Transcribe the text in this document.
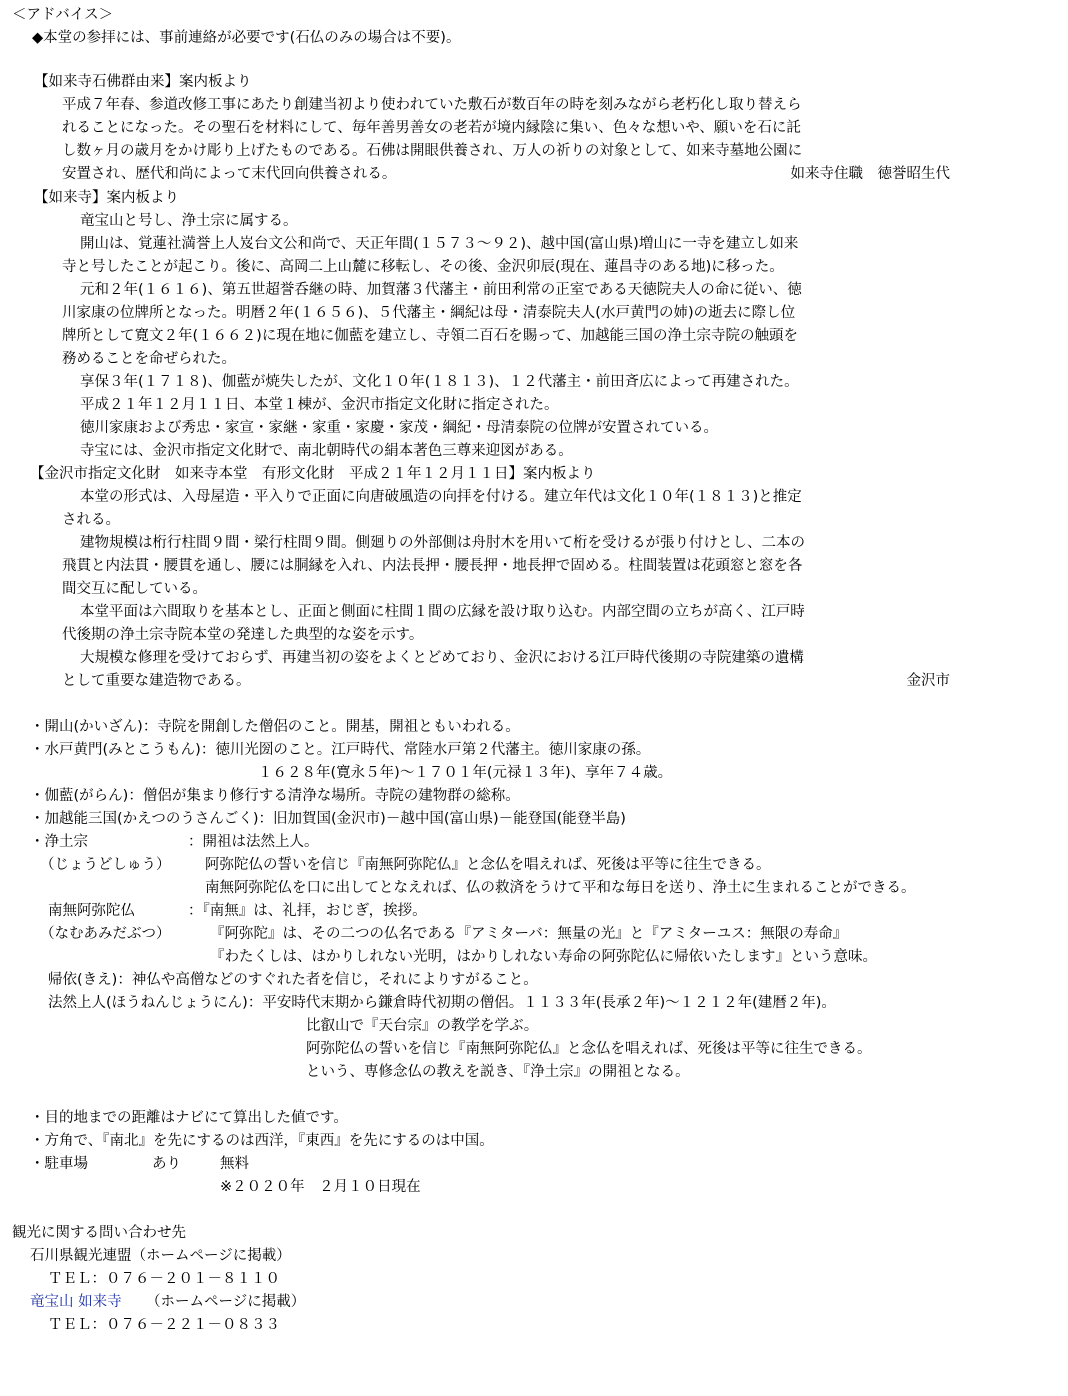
＜アドバイス＞

◆本堂の参拝には、事前連絡が必要です(石仏のみの場合は不要)。

【如来寺石佛群由来】案内板より

平成７年春、参道改修工事にあたり創建当初より使われていた敷石が数百年の時を刻みながら老朽化し取り替えら

れることになった。その聖石を材料にして、毎年善男善女の老若が境内縁陰に集い、色々な想いや、願いを石に託

し数ヶ月の歳月をかけ彫り上げたものである。石佛は開眼供養され、万人の祈りの対象として、如来寺墓地公園に

安置され、歴代和尚によって末代回向供養される。	如来寺住職　徳誉昭生代

【如来寺】案内板より

竜宝山と号し、浄土宗に属する。

開山は、覚蓮社満誉上人岌台文公和尚で、天正年間(１５７３～９２)、越中国(富山県)増山に一寺を建立し如来

寺と号したことが起こり。後に、高岡二上山麓に移転し、その後、金沢卯辰(現在、蓮昌寺のある地)に移った。

元和２年(１６１６)、第五世超誉呑継の時、加賀藩３代藩主・前田利常の正室である天徳院夫人の命に従い、徳

川家康の位牌所となった。明暦２年(１６５６)、５代藩主・綱紀は母・清泰院夫人(水戸黄門の姉)の逝去に際し位

牌所として寛文２年(１６６２)に現在地に伽藍を建立し、寺領二百石を賜って、加越能三国の浄土宗寺院の触頭を

務めることを命ぜられた。

享保３年(１７１８)、伽藍が焼失したが、文化１０年(１８１３)、１２代藩主・前田斉広によって再建された。

平成２１年１２月１１日、本堂１棟が、金沢市指定文化財に指定された。

徳川家康および秀忠・家宣・家継・家重・家慶・家茂・綱紀・母清泰院の位牌が安置されている。

寺宝には、金沢市指定文化財で、南北朝時代の絹本著色三尊来迎図がある。

【金沢市指定文化財　如来寺本堂　有形文化財　平成２１年１２月１１日】案内板より

本堂の形式は、入母屋造・平入りで正面に向唐破風造の向拝を付ける。建立年代は文化１０年(１８１３)と推定

される。

建物規模は桁行柱間９間・梁行柱間９間。側廻りの外部側は舟肘木を用いて桁を受けるが張り付けとし、二本の

飛貫と内法貫・腰貫を通し、腰には胴縁を入れ、内法長押・腰長押・地長押で固める。柱間装置は花頭窓と窓を各

間交互に配している。

本堂平面は六間取りを基本とし、正面と側面に柱間１間の広縁を設け取り込む。内部空間の立ちが高く、江戸時

代後期の浄土宗寺院本堂の発達した典型的な姿を示す。

大規模な修理を受けておらず、再建当初の姿をよくとどめており、金沢における江戸時代後期の寺院建築の遺構

として重要な建造物である。	金沢市

・開山(かいざん)：寺院を開創した僧侶のこと。開基，開祖ともいわれる。

・水戸黄門(みとこうもん)：徳川光圀のこと。江戸時代、常陸水戸第２代藩主。徳川家康の孫。

１６２８年(寛永５年)～１７０１年(元禄１３年)、享年７４歳。

・伽藍(がらん)：僧侶が集まり修行する清浄な場所。寺院の建物群の総称。

・加越能三国(かえつのうさんごく)：旧加賀国(金沢市)－越中国(富山県)－能登国(能登半島)

・浄土宗	：開祖は法然上人。

（じょうどしゅう） 阿弥陀仏の誓いを信じ『南無阿弥陀仏』と念仏を唱えれば、死後は平等に往生できる。

南無阿弥陀仏を口に出してとなえれば、仏の救済をうけて平和な毎日を送り、浄土に生まれることができる。

南無阿弥陀仏	：『南無』は、礼拝，おじぎ，挨拶。

（なむあみだぶつ）	『阿弥陀』は、その二つの仏名である『アミターバ：無量の光』と『アミターユス：無限の寿命』

『わたくしは、はかりしれない光明，はかりしれない寿命の阿弥陀仏に帰依いたします』という意味。

帰依(きえ)：神仏や高僧などのすぐれた者を信じ，それによりすがること。

法然上人(ほうねんじょうにん)：平安時代末期から鎌倉時代初期の僧侶。１１３３年(長承２年)～１２１２年(建暦２年)。

比叡山で『天台宗』の教学を学ぶ。

阿弥陀仏の誓いを信じ『南無阿弥陀仏』と念仏を唱えれば、死後は平等に往生できる。

という、専修念仏の教えを説き、『浄土宗』の開祖となる。

・目的地までの距離はナビにて算出した値です。

・方角で、『南北』を先にするのは西洋，『東西』を先にするのは中国。

・駐車場	あり	無料

※２０２０年　２月１０日現在

観光に関する問い合わせ先

石川県観光連盟（ホームページに掲載）

ＴＥＬ：０７６－２０１－８１１０

竜宝山 如来寺 （ホームページに掲載）

ＴＥＬ：０７６－２２１－０８３３
